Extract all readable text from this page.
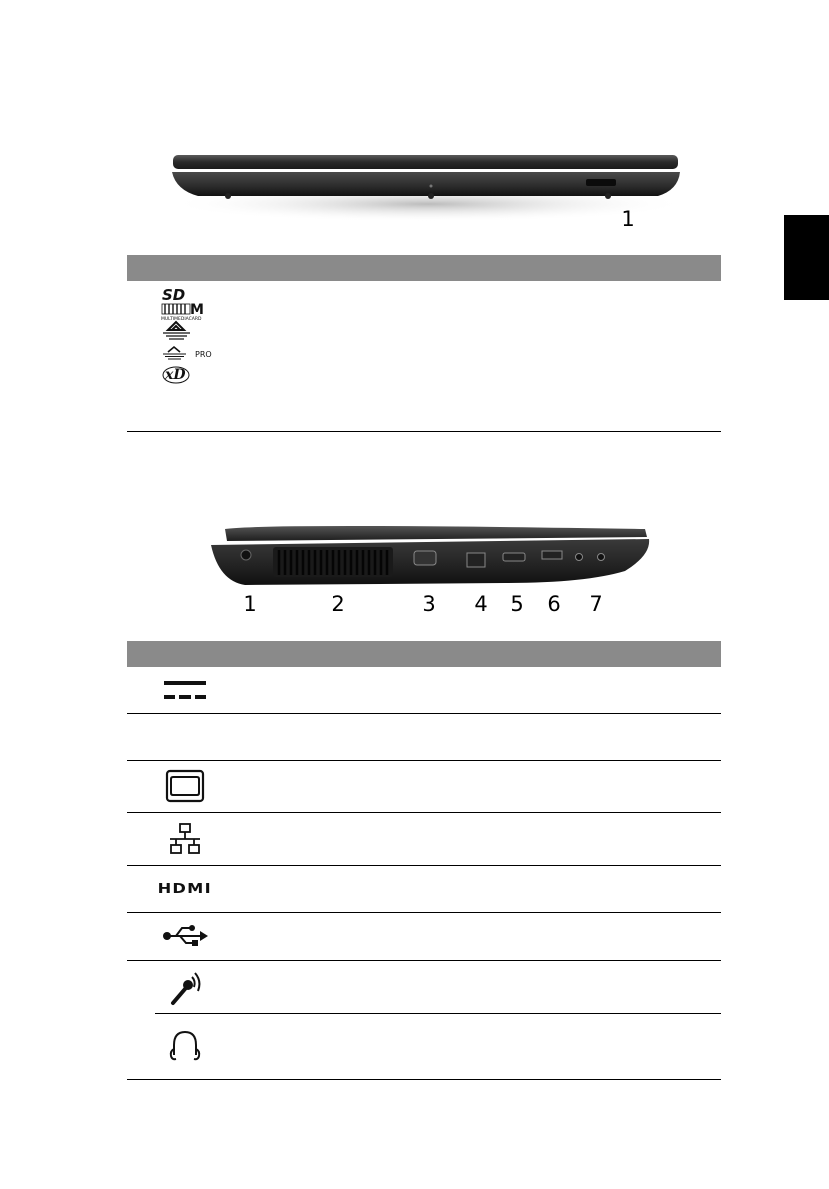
1
SD
M
MULTIMEDIACARD
PRO
xD
1	2	3 4 5 6 7
HDMI
